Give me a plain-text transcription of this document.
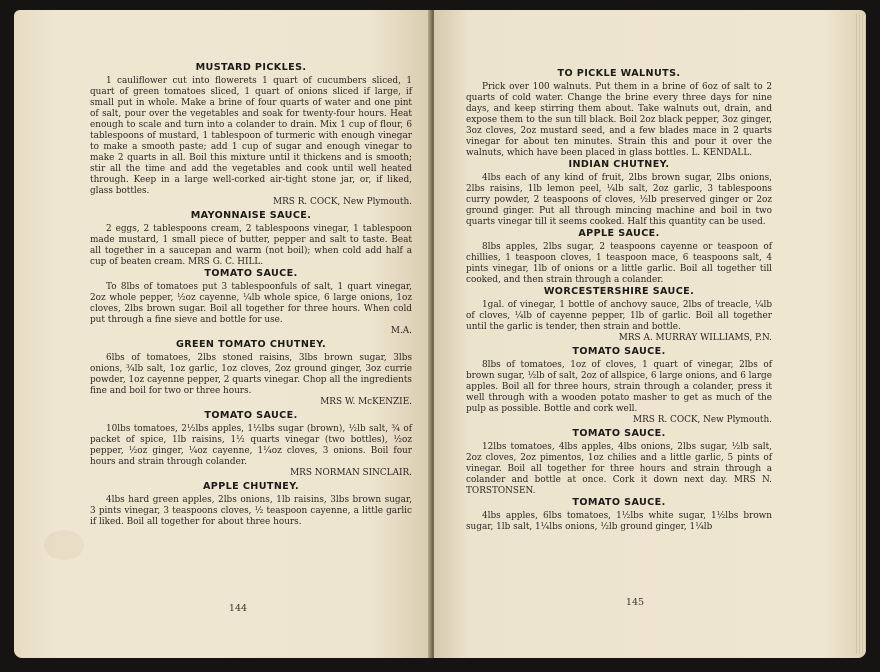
MUSTARD PICKLES.

1 cauliflower cut into flowerets 1 quart of cucumbers sliced, 1 quart of green tomatoes sliced, 1 quart of onions sliced if large, if small put in whole. Make a brine of four quarts of water and one pint of salt, pour over the vegetables and soak for twenty-four hours. Heat enough to scale and turn into a colander to drain. Mix 1 cup of flour, 6 tablespoons of mustard, 1 tablespoon of turmeric with enough vinegar to make a smooth paste; add 1 cup of sugar and enough vinegar to make 2 quarts in all. Boil this mixture until it thickens and is smooth; stir all the time and add the vegetables and cook until well heated through. Keep in a large well-corked air-tight stone jar, or, if liked, glass bottles.

MRS R. COCK, New Plymouth.
MAYONNAISE SAUCE.

2 eggs, 2 tablespoons cream, 2 tablespoons vinegar, 1 tablespoon made mustard, 1 small piece of butter, pepper and salt to taste. Beat all together in a saucepan and warm (not boil); when cold add half a cup of beaten cream. MRS G. C. HILL.

TOMATO SAUCE.

To 8lbs of tomatoes put 3 tablespoonfuls of salt, 1 quart vinegar, 2oz whole pepper, ½oz cayenne, ¼lb whole spice, 6 large onions, 1oz cloves, 2lbs brown sugar. Boil all together for three hours. When cold put through a fine sieve and bottle for use.

M.A.
GREEN TOMATO CHUTNEY.

6lbs of tomatoes, 2lbs stoned raisins, 3lbs brown sugar, 3lbs onions, ¾lb salt, 1oz garlic, 1oz cloves, 2oz ground ginger, 3oz currie powder, 1oz cayenne pepper, 2 quarts vinegar. Chop all the ingredients fine and boil for two or three hours.

MRS W. McKENZIE.
TOMATO SAUCE.

10lbs tomatoes, 2½lbs apples, 1½lbs sugar (brown), ½lb salt, ¾ of packet of spice, 1lb raisins, 1½ quarts vinegar (two bottles), ½oz pepper, ½oz ginger, ¼oz cayenne, 1¼oz cloves, 3 onions. Boil four hours and strain through colander.

MRS NORMAN SINCLAIR.
APPLE CHUTNEY.

4lbs hard green apples, 2lbs onions, 1lb raisins, 3lbs brown sugar, 3 pints vinegar, 3 teaspoons cloves, ½ teaspoon cayenne, a little garlic if liked. Boil all together for about three hours.

144
TO PICKLE WALNUTS.

Prick over 100 walnuts. Put them in a brine of 6oz of salt to 2 quarts of cold water. Change the brine every three days for nine days, and keep stirring them about. Take walnuts out, drain, and expose them to the sun till black. Boil 2oz black pepper, 3oz ginger, 3oz cloves, 2oz mustard seed, and a few blades mace in 2 quarts vinegar for about ten minutes. Strain this and pour it over the walnuts, which have been placed in glass bottles. L. KENDALL.

INDIAN CHUTNEY.

4lbs each of any kind of fruit, 2lbs brown sugar, 2lbs onions, 2lbs raisins, 1lb lemon peel, ¼lb salt, 2oz garlic, 3 tablespoons curry powder, 2 teaspoons of cloves, ½lb preserved ginger or 2oz ground ginger. Put all through mincing machine and boil in two quarts vinegar till it seems cooked. Half this quantity can be used.

APPLE SAUCE.

8lbs apples, 2lbs sugar, 2 teaspoons cayenne or teaspoon of chillies, 1 teaspoon cloves, 1 teaspoon mace, 6 teaspoons salt, 4 pints vinegar, 1lb of onions or a little garlic. Boil all together till cooked, and then strain through a colander.

WORCESTERSHIRE SAUCE.

1gal. of vinegar, 1 bottle of anchovy sauce, 2lbs of treacle, ¼lb of cloves, ¼lb of cayenne pepper, 1lb of garlic. Boil all together until the garlic is tender, then strain and bottle.

MRS A. MURRAY WILLIAMS, P.N.
TOMATO SAUCE.

8lbs of tomatoes, 1oz of cloves, 1 quart of vinegar, 2lbs of brown sugar, ½lb of salt, 2oz of allspice, 6 large onions, and 6 large apples. Boil all for three hours, strain through a colander, press it well through with a wooden potato masher to get as much of the pulp as possible. Bottle and cork well.

MRS R. COCK, New Plymouth.
TOMATO SAUCE.

12lbs tomatoes, 4lbs apples, 4lbs onions, 2lbs sugar, ½lb salt, 2oz cloves, 2oz pimentos, 1oz chilies and a little garlic, 5 pints of vinegar. Boil all together for three hours and strain through a colander and bottle at once. Cork it down next day. MRS N. TORSTONSEN.

TOMATO SAUCE.

4lbs apples, 6lbs tomatoes, 1½lbs white sugar, 1½lbs brown sugar, 1lb salt, 1¼lbs onions, ½lb ground ginger, 1¼lb

145
